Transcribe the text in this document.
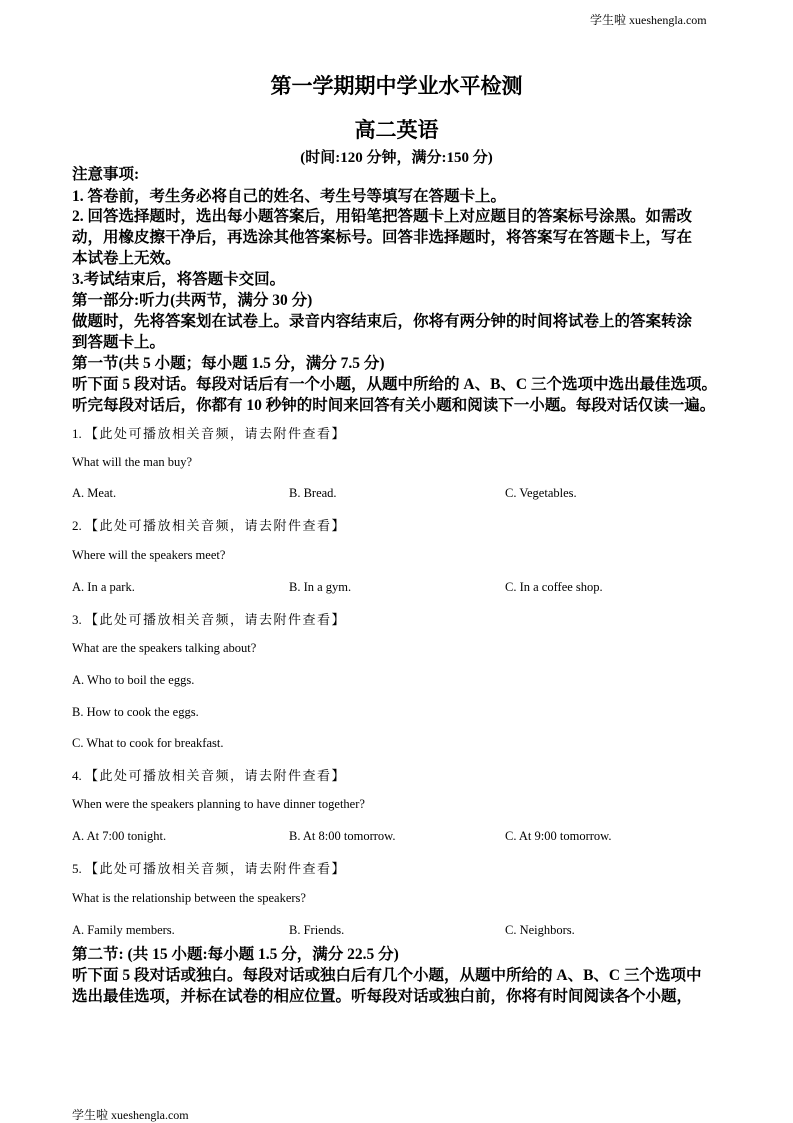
学生啦 xueshengla.com
第一学期期中学业水平检测
高二英语
(时间:120 分钟，满分:150 分)
注意事项:
1. 答卷前，考生务必将自己的姓名、考生号等填写在答题卡上。
2. 回答选择题时，选出每小题答案后，用铅笔把答题卡上对应题目的答案标号涂黑。如需改
动，用橡皮擦干净后，再选涂其他答案标号。回答非选择题时，将答案写在答题卡上，写在
本试卷上无效。
3.考试结束后，将答题卡交回。
第一部分:听力(共两节，满分 30 分)
做题时，先将答案划在试卷上。录音内容结束后，你将有两分钟的时间将试卷上的答案转涂
到答题卡上。
第一节(共 5 小题；每小题 1.5 分，满分 7.5 分)
听下面 5 段对话。每段对话后有一个小题，从题中所给的 A、B、C 三个选项中选出最佳选项。
听完每段对话后，你都有 10 秒钟的时间来回答有关小题和阅读下一小题。每段对话仅读一遍。
1. 【此处可播放相关音频，请去附件查看】
What will the man buy?
A. Meat.	B. Bread.	C. Vegetables.
2. 【此处可播放相关音频，请去附件查看】
Where will the speakers meet?
A. In a park.	B. In a gym.	C. In a coffee shop.
3. 【此处可播放相关音频，请去附件查看】
What are the speakers talking about?
A. Who to boil the eggs.
B. How to cook the eggs.
C. What to cook for breakfast.
4. 【此处可播放相关音频，请去附件查看】
When were the speakers planning to have dinner together?
A. At 7:00 tonight.	B. At 8:00 tomorrow.	C. At 9:00 tomorrow.
5. 【此处可播放相关音频，请去附件查看】
What is the relationship between the speakers?
A. Family members.	B. Friends.	C. Neighbors.
第二节: (共 15 小题:每小题 1.5 分，满分 22.5 分)
听下面 5 段对话或独白。每段对话或独白后有几个小题，从题中所给的 A、B、C 三个选项中
选出最佳选项，并标在试卷的相应位置。听每段对话或独白前，你将有时间阅读各个小题，
学生啦 xueshengla.com
